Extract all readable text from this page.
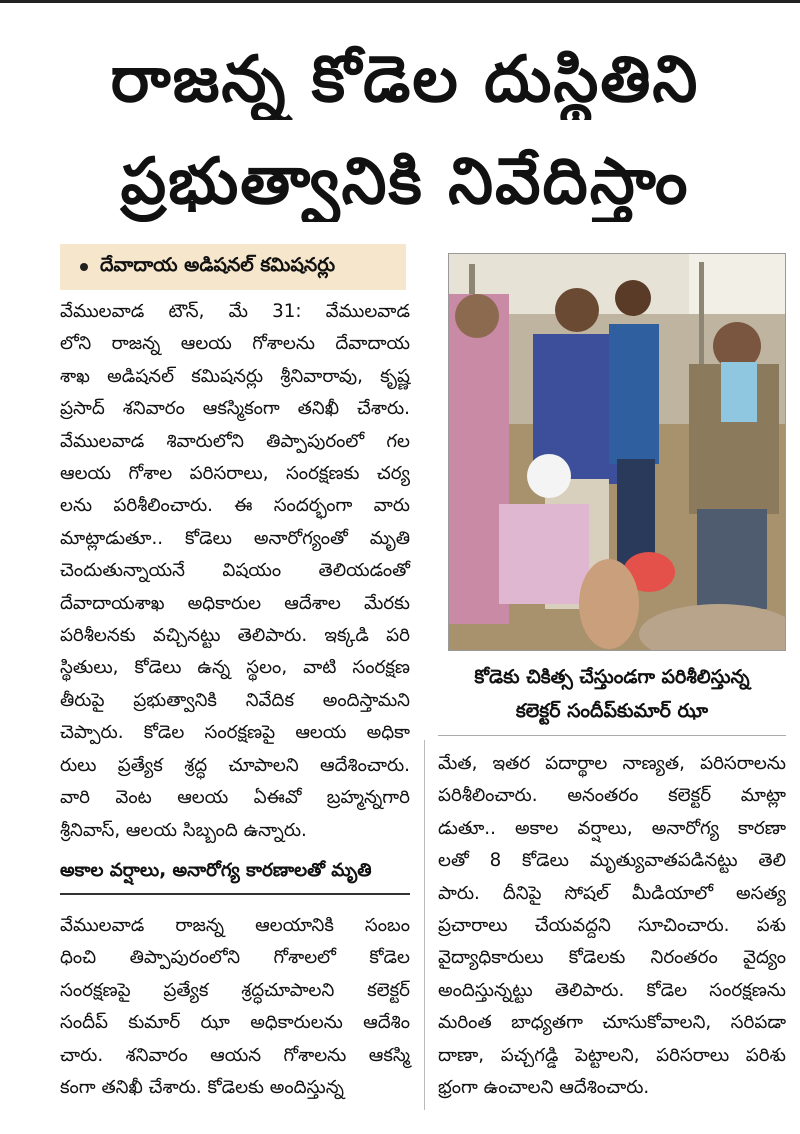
రాజన్న కోడెల దుస్థితిని
ప్రభుత్వానికి నివేదిస్తాం
దేవాదాయ అడిషనల్ కమిషనర్లు

వేములవాడ టౌన్, మే 31: వేములవాడ

లోని రాజన్న ఆలయ గోశాలను దేవాదాయ

శాఖ అడిషనల్ కమిషనర్లు శ్రీనివారావు, కృష్ణ

ప్రసాద్ శనివారం ఆకస్మికంగా తనిఖీ చేశారు.

వేములవాడ శివారులోని తిప్పాపురంలో గల

ఆలయ గోశాల పరిసరాలు, సంరక్షణకు చర్య

లను పరిశీలించారు. ఈ సందర్భంగా వారు

మాట్లాడుతూ.. కోడెలు అనారోగ్యంతో మృతి

చెందుతున్నాయనే విషయం తెలియడంతో

దేవాదాయశాఖ అధికారుల ఆదేశాల మేరకు

పరిశీలనకు వచ్చినట్టు తెలిపారు. ఇక్కడి పరి

స్థితులు, కోడెలు ఉన్న స్థలం, వాటి సంరక్షణ

తీరుపై ప్రభుత్వానికి నివేదిక అందిస్తామని

చెప్పారు. కోడెల సంరక్షణపై ఆలయ అధికా

రులు ప్రత్యేక శ్రద్ధ చూపాలని ఆదేశించారు.

వారి వెంట ఆలయ ఏఈవో బ్రహ్మన్నగారి

శ్రీనివాస్, ఆలయ సిబ్బంది ఉన్నారు.

అకాల వర్షాలు, అనారోగ్య కారణాలతో మృతి

వేములవాడ రాజన్న ఆలయానికి సంబం

ధించి తిప్పాపురంలోని గోశాలలో కోడెల

సంరక్షణపై ప్రత్యేక శ్రద్ధచూపాలని కలెక్టర్

సందీప్ కుమార్ ఝా అధికారులను ఆదేశిం

చారు. శనివారం ఆయన గోశాలను ఆకస్మి

కంగా తనిఖీ చేశారు. కోడెలకు అందిస్తున్న

కోడెకు చికిత్స చేస్తుండగా పరిశీలిస్తున్న
కలెక్టర్ సందీప్‌కుమార్ ఝా

మేత, ఇతర పదార్థాల నాణ్యత, పరిసరాలను

పరిశీలించారు. అనంతరం కలెక్టర్ మాట్లా

డుతూ.. అకాల వర్షాలు, అనారోగ్య కారణా

లతో 8 కోడెలు మృత్యువాతపడినట్టు తెలి

పారు. దీనిపై సోషల్ మీడియాలో అసత్య

ప్రచారాలు చేయవద్దని సూచించారు. పశు

వైద్యాధికారులు కోడెలకు నిరంతరం వైద్యం

అందిస్తున్నట్టు తెలిపారు. కోడెల సంరక్షణను

మరింత బాధ్యతగా చూసుకోవాలని, సరిపడా

దాణా, పచ్చగడ్డి పెట్టాలని, పరిసరాలు పరిశు

భ్రంగా ఉంచాలని ఆదేశించారు.
